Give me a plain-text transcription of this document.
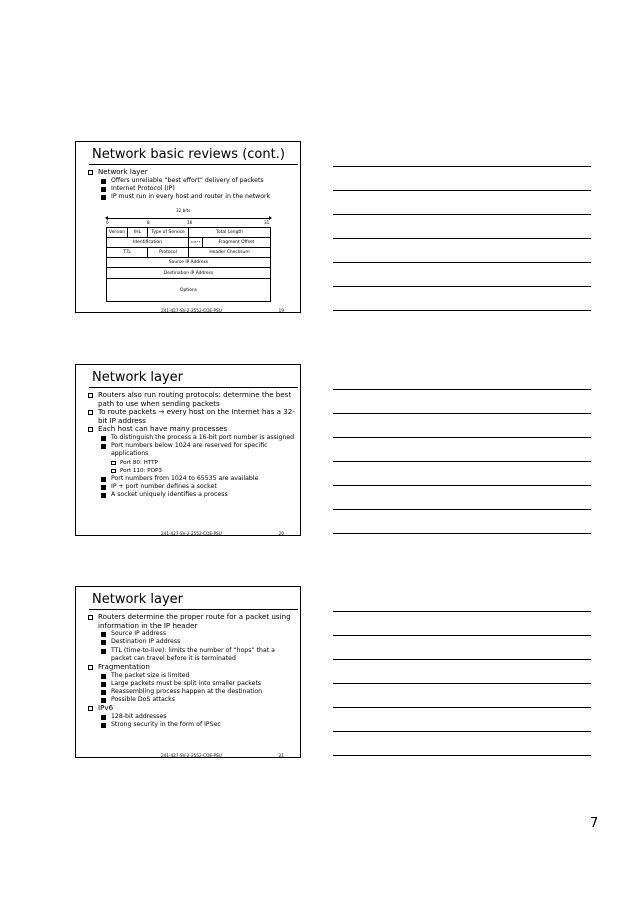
Network basic reviews (cont.)
Network layer
Offers unreliable “best effort” delivery of packets
Internet Protocol (IP)
IP must run in every host and router in the network
32 bits
0	8	16	31
Version	IHL	Type of Service	Total Length
Identification	D M F F	Fragment Offset
TTL	Protocol	Header Checksum
Source IP Address
Destination IP Address
Options
241-427-SV-2-2552-COE-PSU	19
Network layer
Routers also run routing protocols: determine the best path to use when sending packets
To route packets → every host on the Internet has a 32-bit IP address
Each host can have many processes
To distinguish the process a 16-bit port number is assigned
Port numbers below 1024 are reserved for specific applications
Port 80: HTTP
Port 110: POP3
Port numbers from 1024 to 65535 are available
IP + port number defines a socket
A socket uniquely identifies a process
241-427-SV-2-2552-COE-PSU	20
Network layer
Routers determine the proper route for a packet using information in the IP header
Source IP address
Destination IP address
TTL (time-to-live): limits the number of “hops” that a packet can travel before it is terminated
Fragmentation
The packet size is limited
Large packets must be split into smaller packets
Reassembling process happen at the destination
Possible DoS attacks
IPv6
128-bit addresses
Strong security in the form of IPSec
241-427-SV-2-2552-COE-PSU	21
7
